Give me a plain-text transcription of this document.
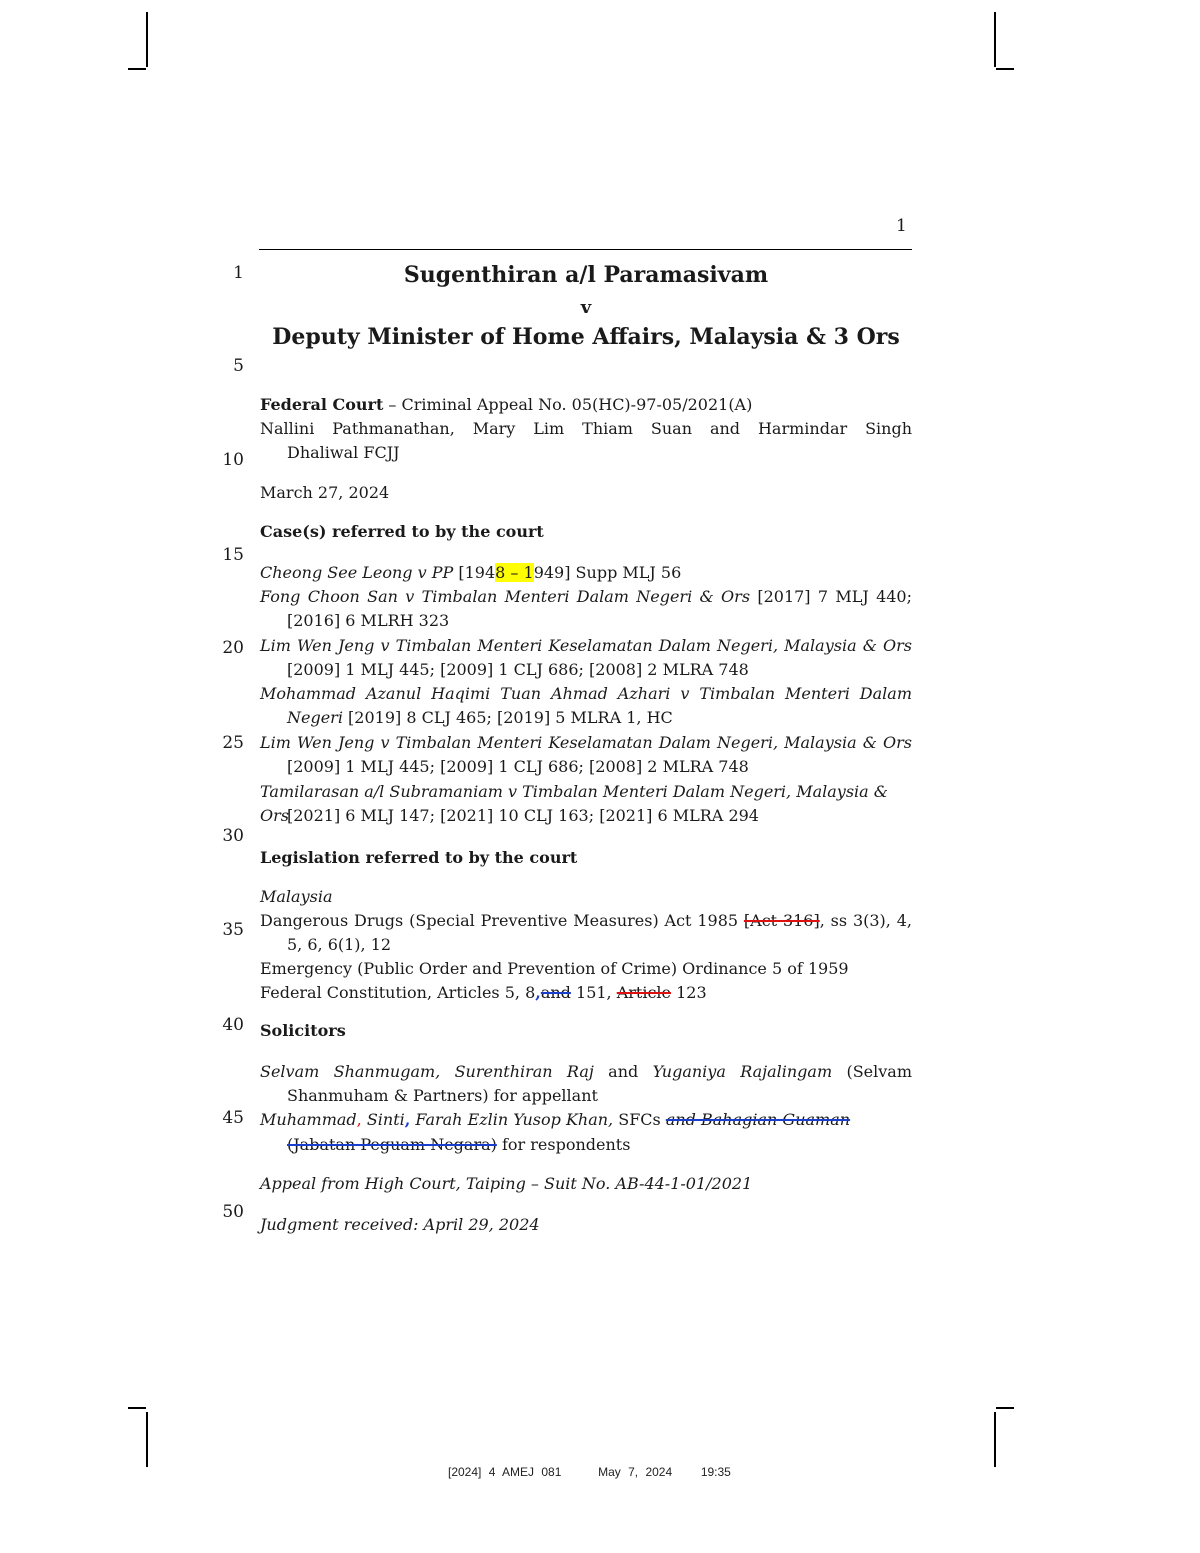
1
1
5
10
15
20
25
30
35
40
45
50
Sugenthiran a/l Paramasivam
v
Deputy Minister of Home Affairs, Malaysia & 3 Ors
Federal Court – Criminal Appeal No. 05(HC)-97-05/2021(A)
Nallini Pathmanathan, Mary Lim Thiam Suan and Harmindar Singh
Dhaliwal FCJJ
March 27, 2024
Case(s) referred to by the court
Cheong See Leong v PP [1948 – 1949] Supp MLJ 56
Fong Choon San v Timbalan Menteri Dalam Negeri & Ors [2017] 7 MLJ 440;
[2016] 6 MLRH 323
Lim Wen Jeng v Timbalan Menteri Keselamatan Dalam Negeri, Malaysia & Ors
[2009] 1 MLJ 445; [2009] 1 CLJ 686; [2008] 2 MLRA 748
Mohammad Azanul Haqimi Tuan Ahmad Azhari v Timbalan Menteri Dalam
Negeri [2019] 8 CLJ 465; [2019] 5 MLRA 1, HC
Lim Wen Jeng v Timbalan Menteri Keselamatan Dalam Negeri, Malaysia & Ors
[2009] 1 MLJ 445; [2009] 1 CLJ 686; [2008] 2 MLRA 748
Tamilarasan a/l Subramaniam v Timbalan Menteri Dalam Negeri, Malaysia & Ors
[2021] 6 MLJ 147; [2021] 10 CLJ 163; [2021] 6 MLRA 294
Legislation referred to by the court
Malaysia
Dangerous Drugs (Special Preventive Measures) Act 1985 [Act 316], ss 3(3), 4,
5, 6, 6(1), 12
Emergency (Public Order and Prevention of Crime) Ordinance 5 of 1959
Federal Constitution, Articles 5, 8,and 151, Article 123
Solicitors
Selvam Shanmugam, Surenthiran Raj and Yuganiya Rajalingam (Selvam
Shanmuham & Partners) for appellant
Muhammad, Sinti, Farah Ezlin Yusop Khan, SFCs and Bahagian Guaman
(Jabatan Peguam Negara) for respondents
Appeal from High Court, Taiping – Suit No. AB-44-1-01/2021
Judgment received: April 29, 2024
[2024] 4 AMEJ 081	May 7, 2024 19:35
